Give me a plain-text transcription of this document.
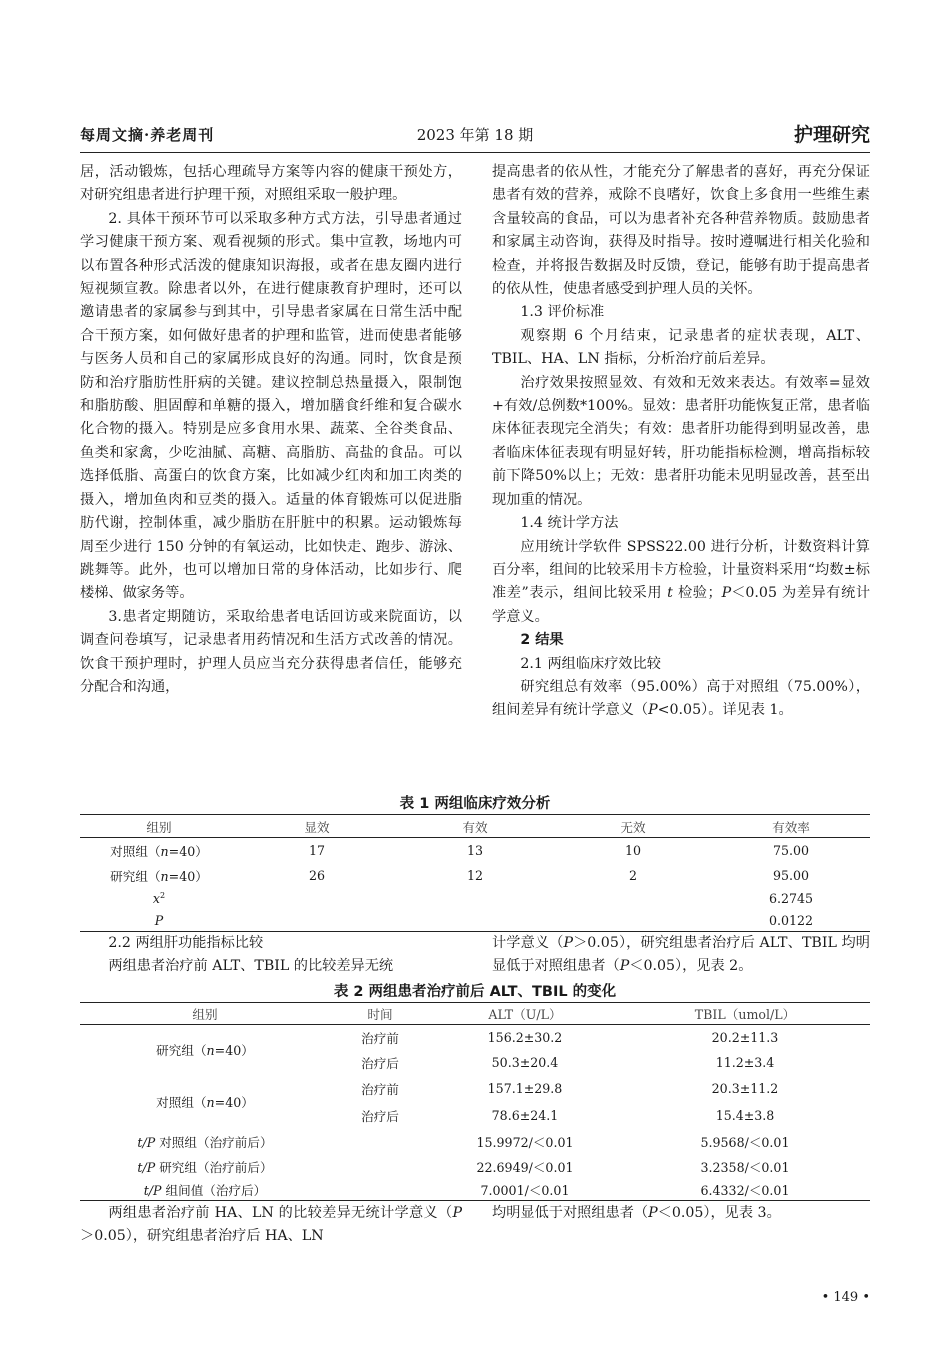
每周文摘·养老周刊	2023 年第 18 期	护理研究

居，活动锻炼，包括心理疏导方案等内容的健康干预处方，对研究组患者进行护理干预，对照组采取一般护理。

2. 具体干预环节可以采取多种方式方法，引导患者通过学习健康干预方案、观看视频的形式。集中宣教，场地内可以布置各种形式活泼的健康知识海报，或者在患友圈内进行短视频宣教。除患者以外，在进行健康教育护理时，还可以邀请患者的家属参与到其中，引导患者家属在日常生活中配合干预方案，如何做好患者的护理和监管，进而使患者能够与医务人员和自己的家属形成良好的沟通。同时，饮食是预防和治疗脂肪性肝病的关键。建议控制总热量摄入，限制饱和脂肪酸、胆固醇和单糖的摄入，增加膳食纤维和复合碳水化合物的摄入。特别是应多食用水果、蔬菜、全谷类食品、鱼类和家禽，少吃油腻、高糖、高脂肪、高盐的食品。可以选择低脂、高蛋白的饮食方案，比如减少红肉和加工肉类的摄入，增加鱼肉和豆类的摄入。适量的体育锻炼可以促进脂肪代谢，控制体重，减少脂肪在肝脏中的积累。运动锻炼每周至少进行 150 分钟的有氧运动，比如快走、跑步、游泳、跳舞等。此外，也可以增加日常的身体活动，比如步行、爬楼梯、做家务等。

3.患者定期随访，采取给患者电话回访或来院面访，以调查问卷填写，记录患者用药情况和生活方式改善的情况。饮食干预护理时，护理人员应当充分获得患者信任，能够充分配合和沟通，

提高患者的依从性，才能充分了解患者的喜好，再充分保证患者有效的营养，戒除不良嗜好，饮食上多食用一些维生素含量较高的食品，可以为患者补充各种营养物质。鼓励患者和家属主动咨询，获得及时指导。按时遵嘱进行相关化验和检查，并将报告数据及时反馈，登记，能够有助于提高患者的依从性，使患者感受到护理人员的关怀。

1.3 评价标准

观察期 6 个月结束，记录患者的症状表现，ALT、TBIL、HA、LN 指标，分析治疗前后差异。

治疗效果按照显效、有效和无效来表达。有效率=显效+有效/总例数*100%。显效：患者肝功能恢复正常，患者临床体征表现完全消失；有效：患者肝功能得到明显改善，患者临床体征表现有明显好转，肝功能指标检测，增高指标较前下降50%以上；无效：患者肝功能未见明显改善，甚至出现加重的情况。

1.4 统计学方法

应用统计学软件 SPSS22.00 进行分析，计数资料计算百分率，组间的比较采用卡方检验，计量资料采用“均数±标准差”表示，组间比较采用 t 检验；P＜0.05 为差异有统计学意义。

2 结果

2.1 两组临床疗效比较

研究组总有效率（95.00%）高于对照组（75.00%），组间差异有统计学意义（P<0.05）。详见表 1。

表 1 两组临床疗效分析
组别	显效	有效	无效	有效率
对照组（n=40）	17	13	10	75.00
研究组（n=40）	26	12	2	95.00
$x^2$				6.2745
P				0.0122

2.2 两组肝功能指标比较

两组患者治疗前 ALT、TBIL 的比较差异无统

计学意义（P＞0.05），研究组患者治疗后 ALT、TBIL 均明显低于对照组患者（P＜0.05），见表 2。

表 2 两组患者治疗前后 ALT、TBIL 的变化
组别	时间	ALT（U/L）	TBIL（umol/L）
研究组（n=40）	治疗前	156.2±30.2	20.2±11.3
	治疗后	50.3±20.4	11.2±3.4
对照组（n=40）	治疗前	157.1±29.8	20.3±11.2
	治疗后	78.6±24.1	15.4±3.8
t/P 对照组（治疗前后）		15.9972/＜0.01	5.9568/＜0.01
t/P 研究组（治疗前后）		22.6949/＜0.01	3.2358/＜0.01
t/P 组间值（治疗后）		7.0001/＜0.01	6.4332/＜0.01

两组患者治疗前 HA、LN 的比较差异无统计学意义（P＞0.05），研究组患者治疗后 HA、LN

均明显低于对照组患者（P＜0.05），见表 3。

• 149 •
